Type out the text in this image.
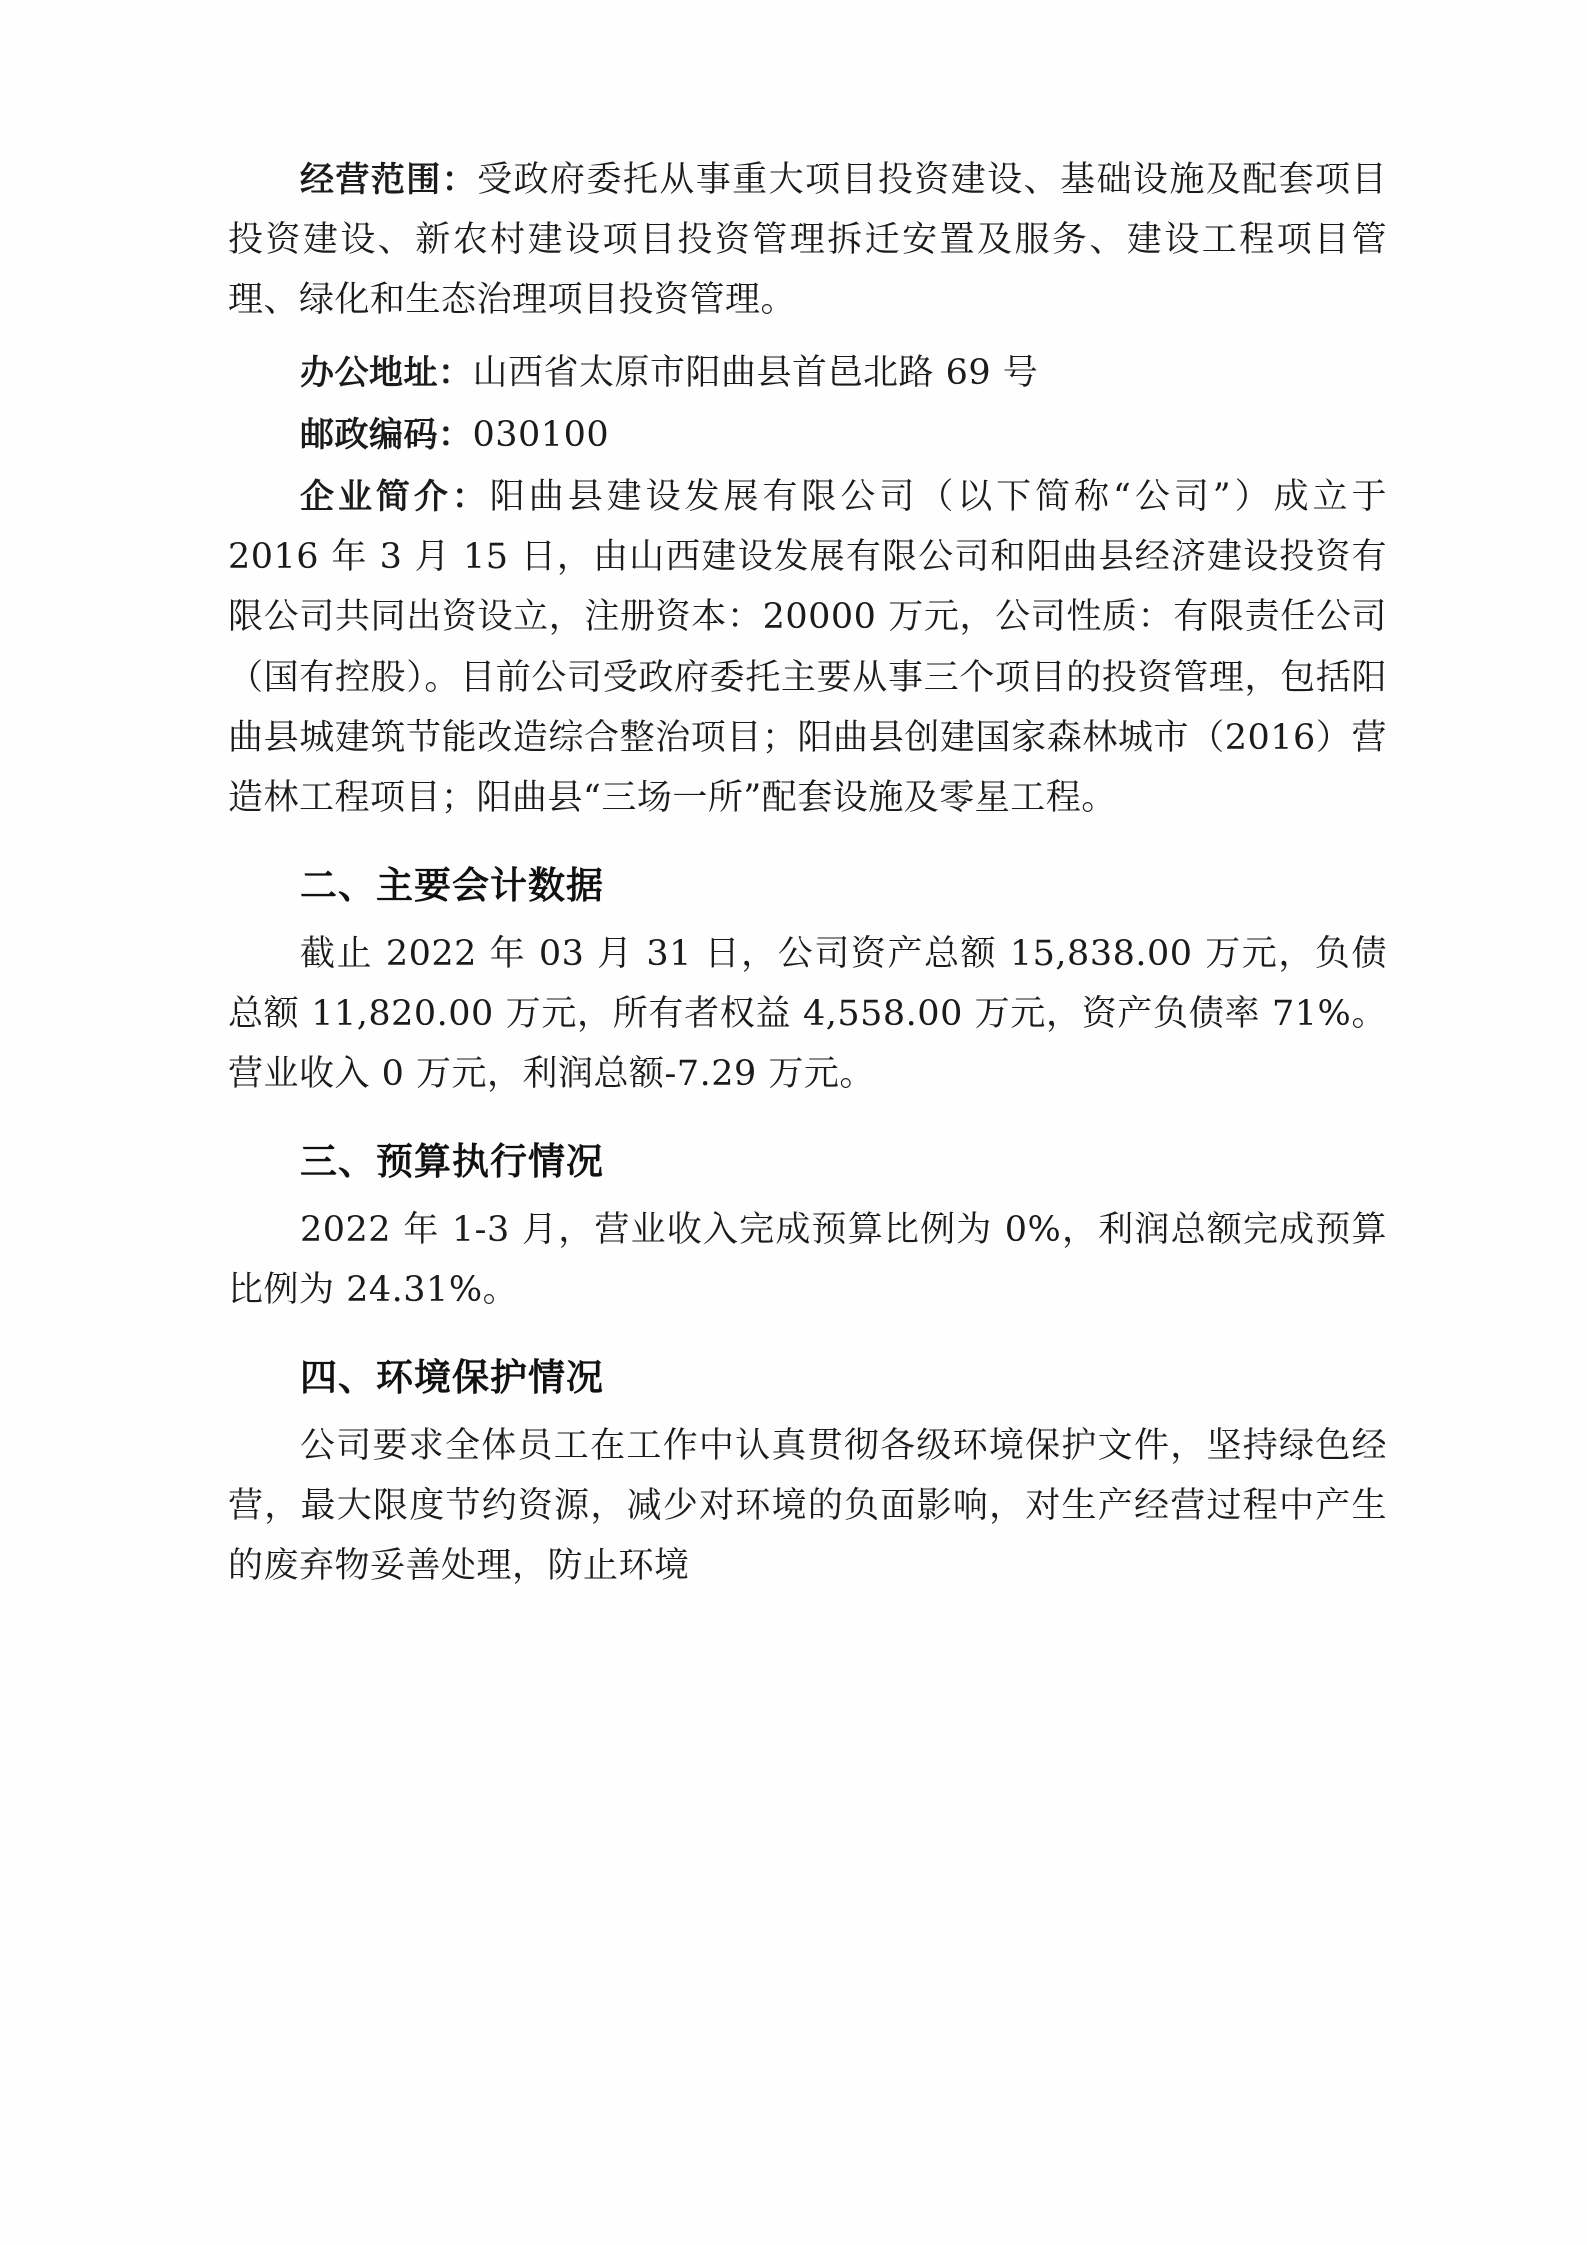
经营范围：受政府委托从事重大项目投资建设、基础设施及配套项目投资建设、新农村建设项目投资管理拆迁安置及服务、建设工程项目管理、绿化和生态治理项目投资管理。

办公地址：山西省太原市阳曲县首邑北路 69 号

邮政编码：030100

企业简介：阳曲县建设发展有限公司（以下简称“公司”）成立于 2016 年 3 月 15 日，由山西建设发展有限公司和阳曲县经济建设投资有限公司共同出资设立，注册资本：20000 万元，公司性质：有限责任公司（国有控股）。目前公司受政府委托主要从事三个项目的投资管理，包括阳曲县城建筑节能改造综合整治项目；阳曲县创建国家森林城市（2016）营造林工程项目；阳曲县“三场一所”配套设施及零星工程。

二、主要会计数据

截止 2022 年 03 月 31 日，公司资产总额 15,838.00 万元，负债总额 11,820.00 万元，所有者权益 4,558.00 万元，资产负债率 71%。营业收入 0 万元，利润总额-7.29 万元。

三、预算执行情况

2022 年 1-3 月，营业收入完成预算比例为 0%，利润总额完成预算比例为 24.31%。

四、环境保护情况

公司要求全体员工在工作中认真贯彻各级环境保护文件，坚持绿色经营，最大限度节约资源，减少对环境的负面影响，对生产经营过程中产生的废弃物妥善处理，防止环境
